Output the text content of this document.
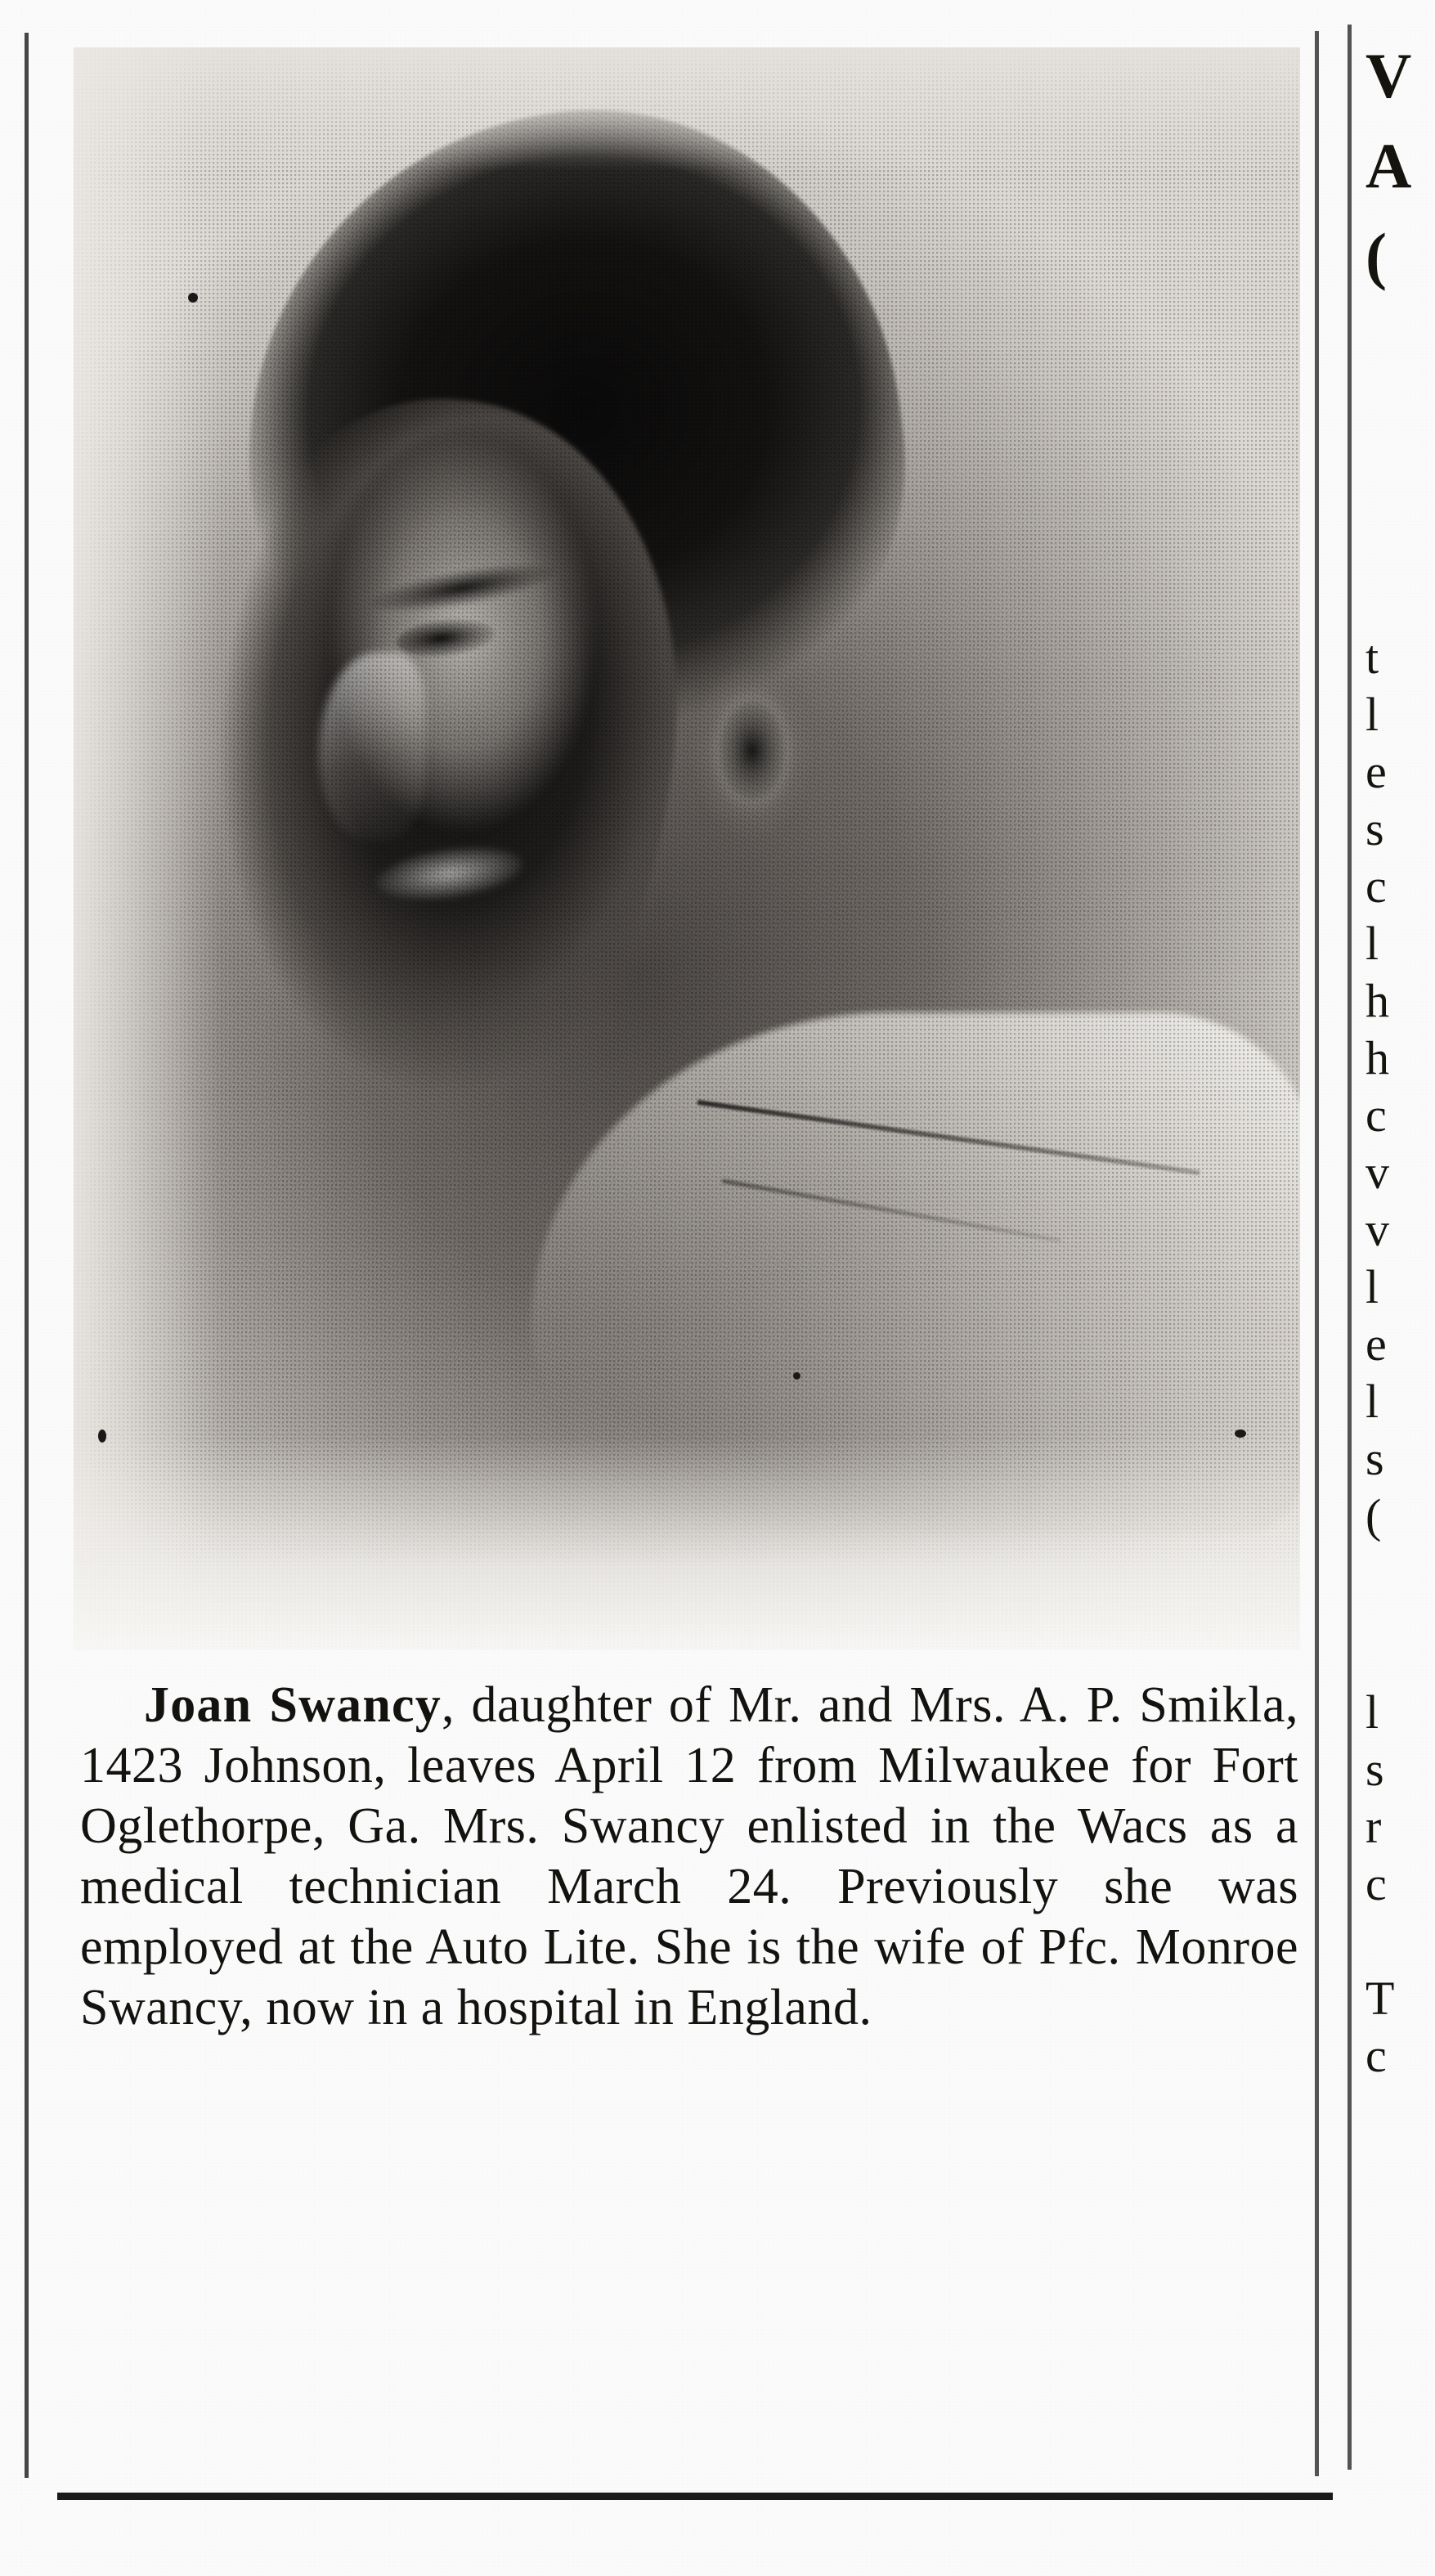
Joan Swancy, daughter of Mr. and Mrs. A. P. Smikla, 1423 Johnson, leaves April 12 from Milwaukee for Fort Oglethorpe, Ga. Mrs. Swancy enlisted in the Wacs as a medical technician March 24. Previously she was employed at the Auto Lite. She is the wife of Pfc. Monroe Swancy, now in a hospital in England.

V
A
(
t
l
e
s
c
l
h
h
c
v
v
l
e
l
s
(
l
s
r
c
T
c
